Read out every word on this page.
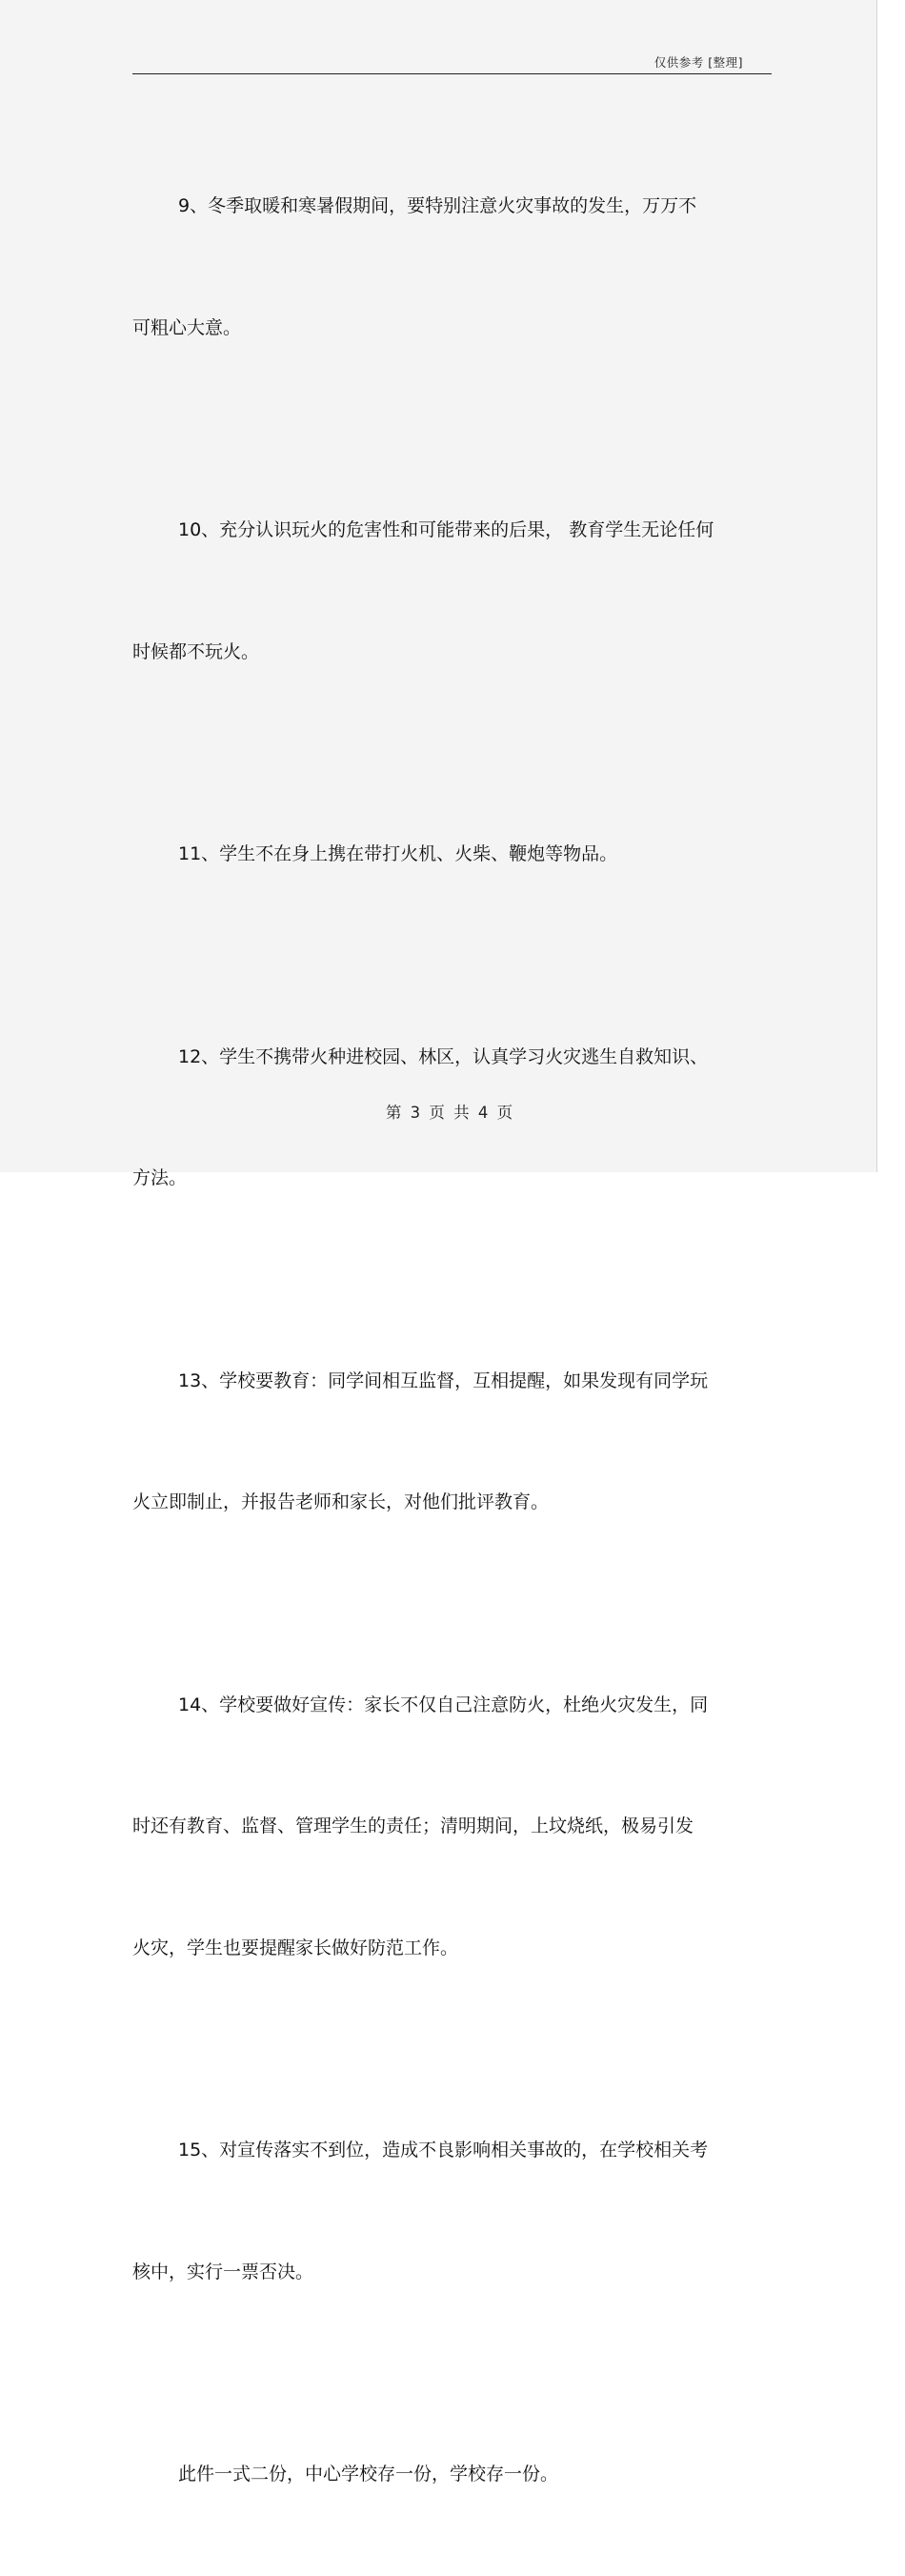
仅供参考 [整理]

9、冬季取暖和寒暑假期间，要特别注意火灾事故的发生，万万不

可粗心大意。

10、充分认识玩火的危害性和可能带来的后果， 教育学生无论任何

时候都不玩火。

11、学生不在身上携在带打火机、火柴、鞭炮等物品。

12、学生不携带火种进校园、林区，认真学习火灾逃生自救知识、

方法。

13、学校要教育：同学间相互监督，互相提醒，如果发现有同学玩

火立即制止，并报告老师和家长，对他们批评教育。

14、学校要做好宣传：家长不仅自己注意防火，杜绝火灾发生，同

时还有教育、监督、管理学生的责任；清明期间，上坟烧纸，极易引发

火灾，学生也要提醒家长做好防范工作。

15、对宣传落实不到位，造成不良影响相关事故的，在学校相关考

核中，实行一票否决。

此件一式二份，中心学校存一份，学校存一份。

第 3 页 共 4 页
